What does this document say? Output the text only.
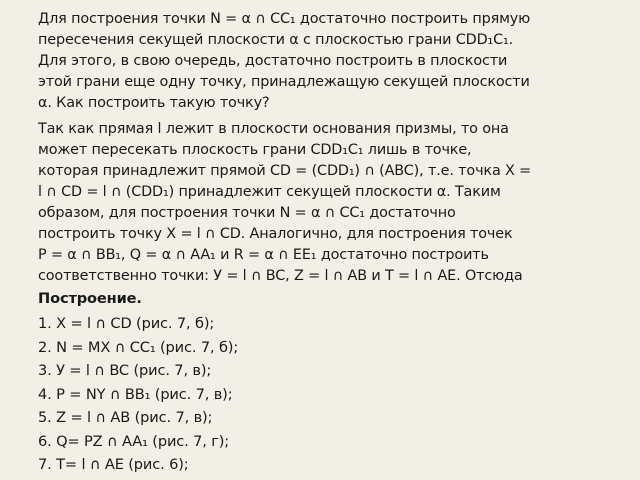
Для построения точки N = α ∩ CC₁ достаточно построить прямую
пересечения секущей плоскости α с плоскостью грани CDD₁C₁.
Для этого, в свою очередь, достаточно построить в плоскости
этой грани еще одну точку, принадлежащую секущей плоскости
α. Как построить такую точку?
Так как прямая l лежит в плоскости основания призмы, то она
может пересекать плоскость грани CDD₁C₁ лишь в точке,
которая принадлежит прямой CD = (CDD₁) ∩ (ABC), т.е. точка X =
l ∩ CD = l ∩ (CDD₁) принадлежит секущей плоскости α. Таким
образом, для построения точки N = α ∩ CC₁ достаточно
построить точку X = l ∩ CD. Аналогично, для построения точек
P = α ∩ BB₁, Q = α ∩ AA₁ и R = α ∩ EE₁ достаточно построить
соответственно точки: У = l ∩ BC, Z = l ∩ AB и T = l ∩ AE. Отсюда
Построение.
1. X = l ∩ CD (рис. 7, б);
2. N = MX ∩ CC₁ (рис. 7, б);
3. У = l ∩ BC (рис. 7, в);
4. P = NY ∩ BB₁ (рис. 7, в);
5. Z = l ∩ AB (рис. 7, в);
6. Q= PZ ∩ AA₁ (рис. 7, г);
7. T= l ∩ AE (рис. 6);
